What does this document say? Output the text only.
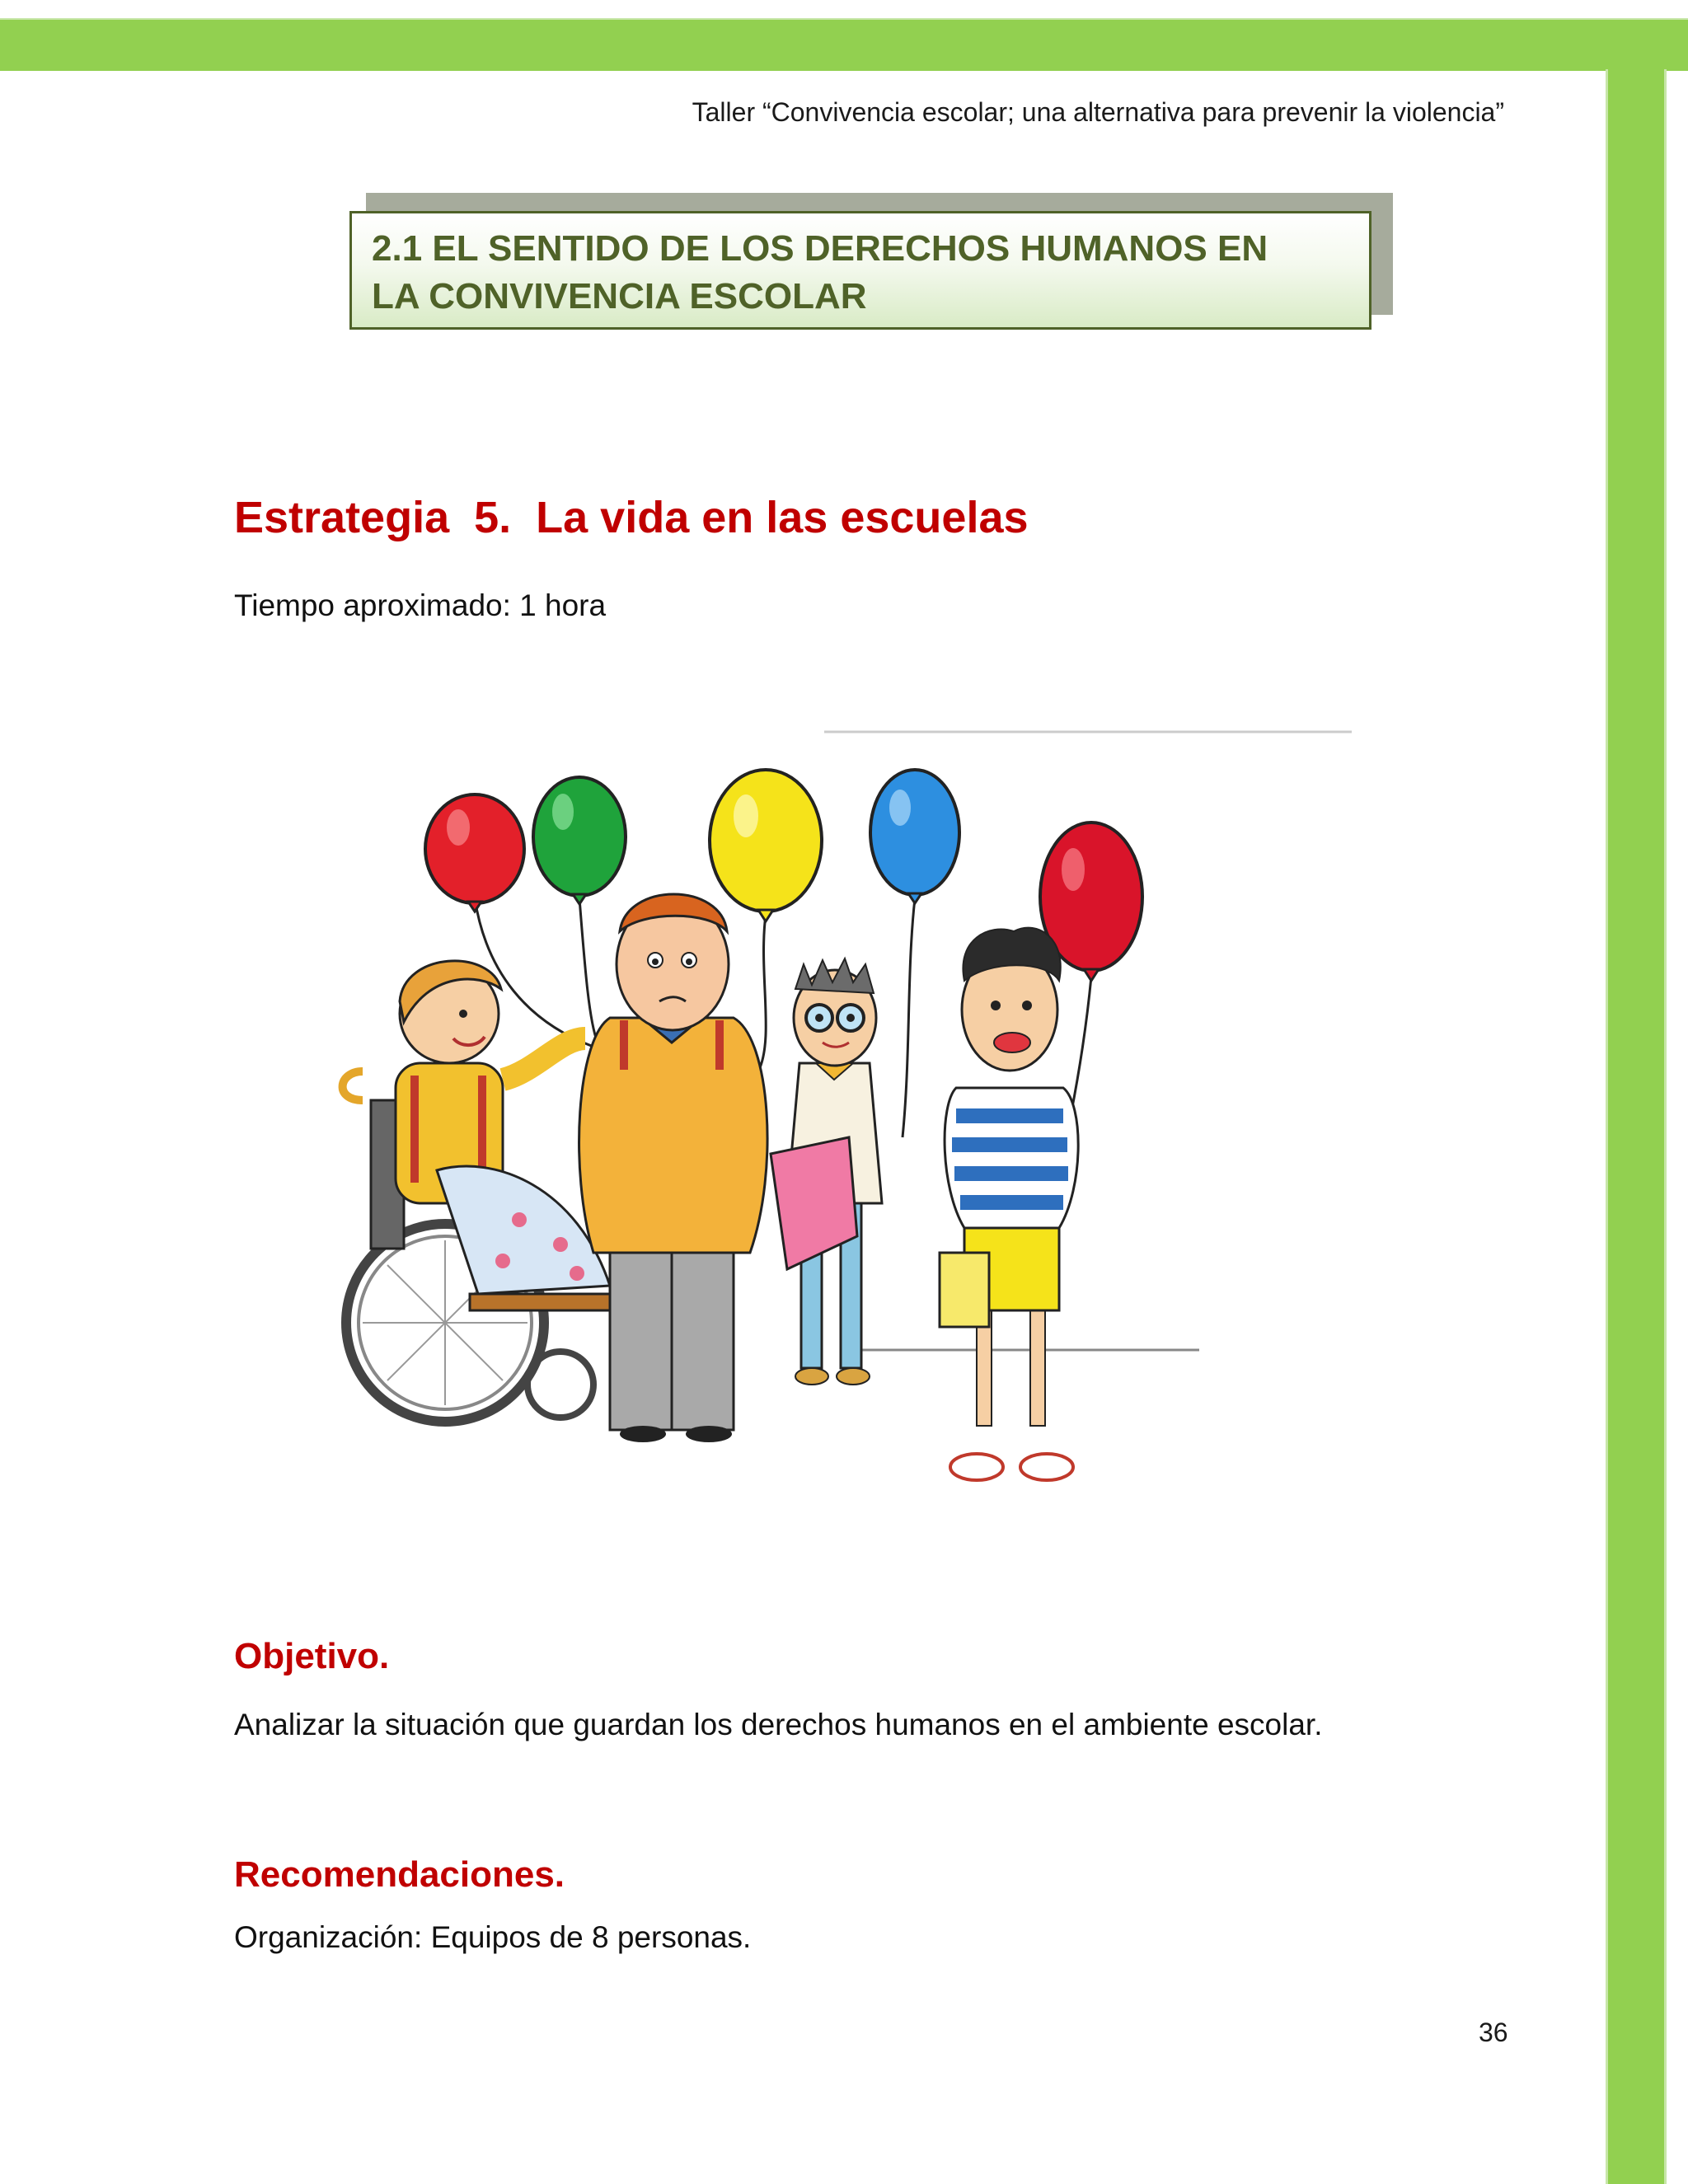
Taller “Convivencia escolar; una alternativa para prevenir la violencia”
2.1 EL SENTIDO DE LOS DERECHOS HUMANOS EN
LA CONVIVENCIA ESCOLAR
Estrategia  5.  La vida en las escuelas
Tiempo aproximado: 1 hora
Objetivo.

Analizar la situación que guardan los derechos humanos en el ambiente escolar.

Recomendaciones.
Organización: Equipos de 8 personas.
36
